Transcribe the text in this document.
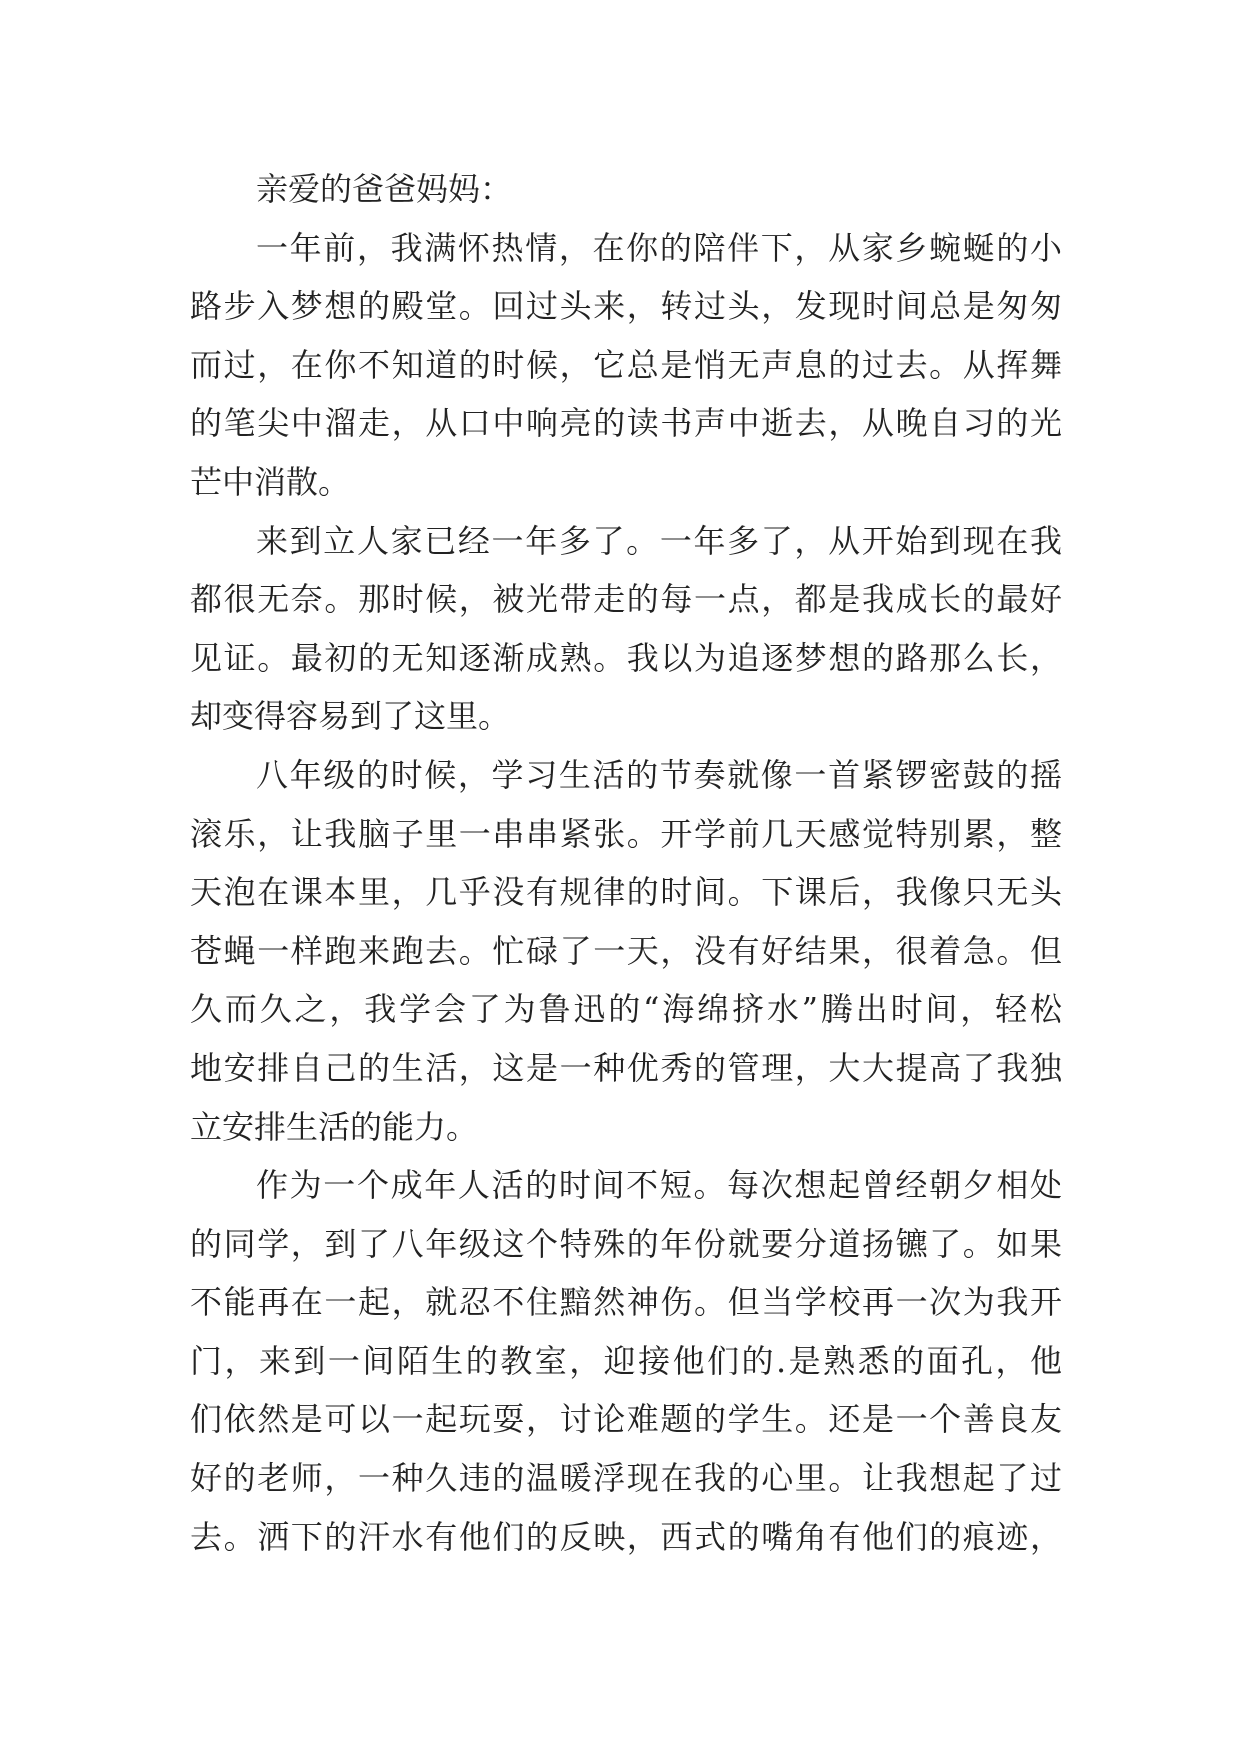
亲爱的爸爸妈妈：
一年前，我满怀热情，在你的陪伴下，从家乡蜿蜒的小
路步入梦想的殿堂。回过头来，转过头，发现时间总是匆匆
而过，在你不知道的时候，它总是悄无声息的过去。从挥舞
的笔尖中溜走，从口中响亮的读书声中逝去，从晚自习的光
芒中消散。
来到立人家已经一年多了。一年多了，从开始到现在我
都很无奈。那时候，被光带走的每一点，都是我成长的最好
见证。最初的无知逐渐成熟。我以为追逐梦想的路那么长，
却变得容易到了这里。
八年级的时候，学习生活的节奏就像一首紧锣密鼓的摇
滚乐，让我脑子里一串串紧张。开学前几天感觉特别累，整
天泡在课本里，几乎没有规律的时间。下课后，我像只无头
苍蝇一样跑来跑去。忙碌了一天，没有好结果，很着急。但
久而久之，我学会了为鲁迅的“海绵挤水”腾出时间，轻松
地安排自己的生活，这是一种优秀的管理，大大提高了我独
立安排生活的能力。
作为一个成年人活的时间不短。每次想起曾经朝夕相处
的同学，到了八年级这个特殊的年份就要分道扬镳了。如果
不能再在一起，就忍不住黯然神伤。但当学校再一次为我开
门，来到一间陌生的教室，迎接他们的.是熟悉的面孔，他
们依然是可以一起玩耍，讨论难题的学生。还是一个善良友
好的老师，一种久违的温暖浮现在我的心里。让我想起了过
去。洒下的汗水有他们的反映，西式的嘴角有他们的痕迹，
